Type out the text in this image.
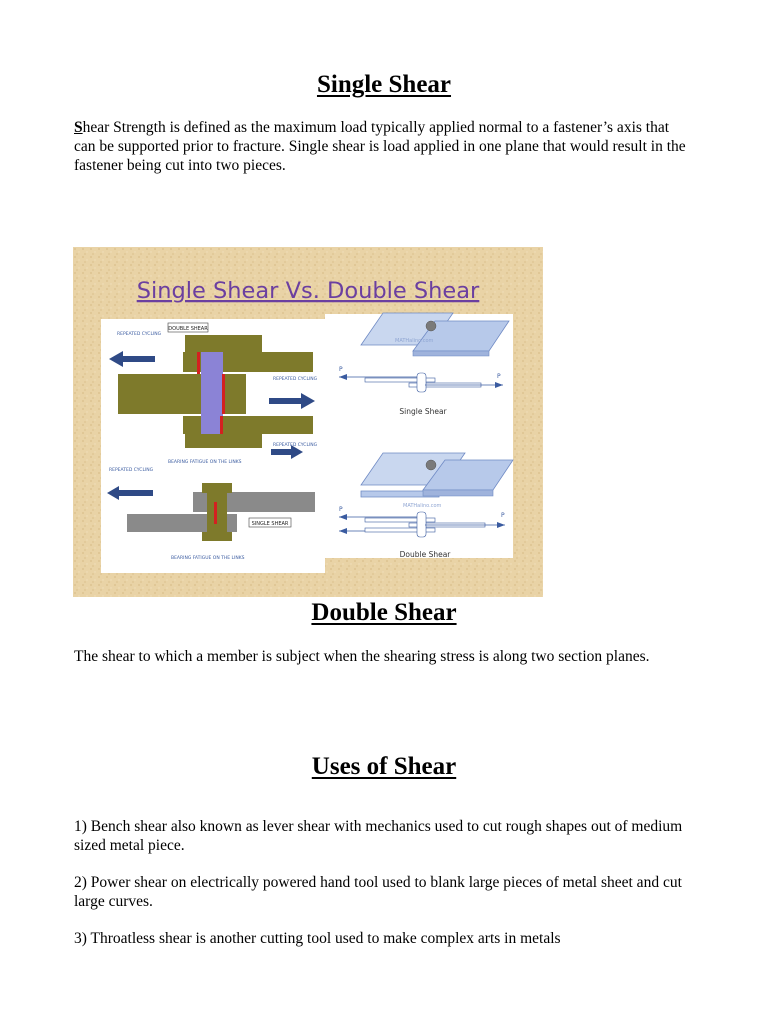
Single Shear

Shear Strength is defined as the maximum load typically applied normal to a fastener’s axis that
can be supported prior to fracture. Single shear is load applied in one plane that would result in the
fastener being cut into two pieces.

Single Shear Vs. Double Shear
DOUBLE SHEAR
REPEATED CYCLING
REPEATED CYCLING
REPEATED CYCLING
BEARING FATIGUE ON THE LINKS
REPEATED CYCLING
SINGLE SHEAR
BEARING FATIGUE ON THE LINKS
MATHalino.com
P
P
Single Shear
MATHalino.com
P
P
Double Shear
Double Shear

The shear to which a member is subject when the shearing stress is along two section planes.

Uses of Shear

1) Bench shear also known as lever shear with mechanics used to cut rough shapes out of medium sized metal piece.

2) Power shear on electrically powered hand tool used to blank large pieces of metal sheet and cut large curves.

3) Throatless shear is another cutting tool used to make complex arts in metals
